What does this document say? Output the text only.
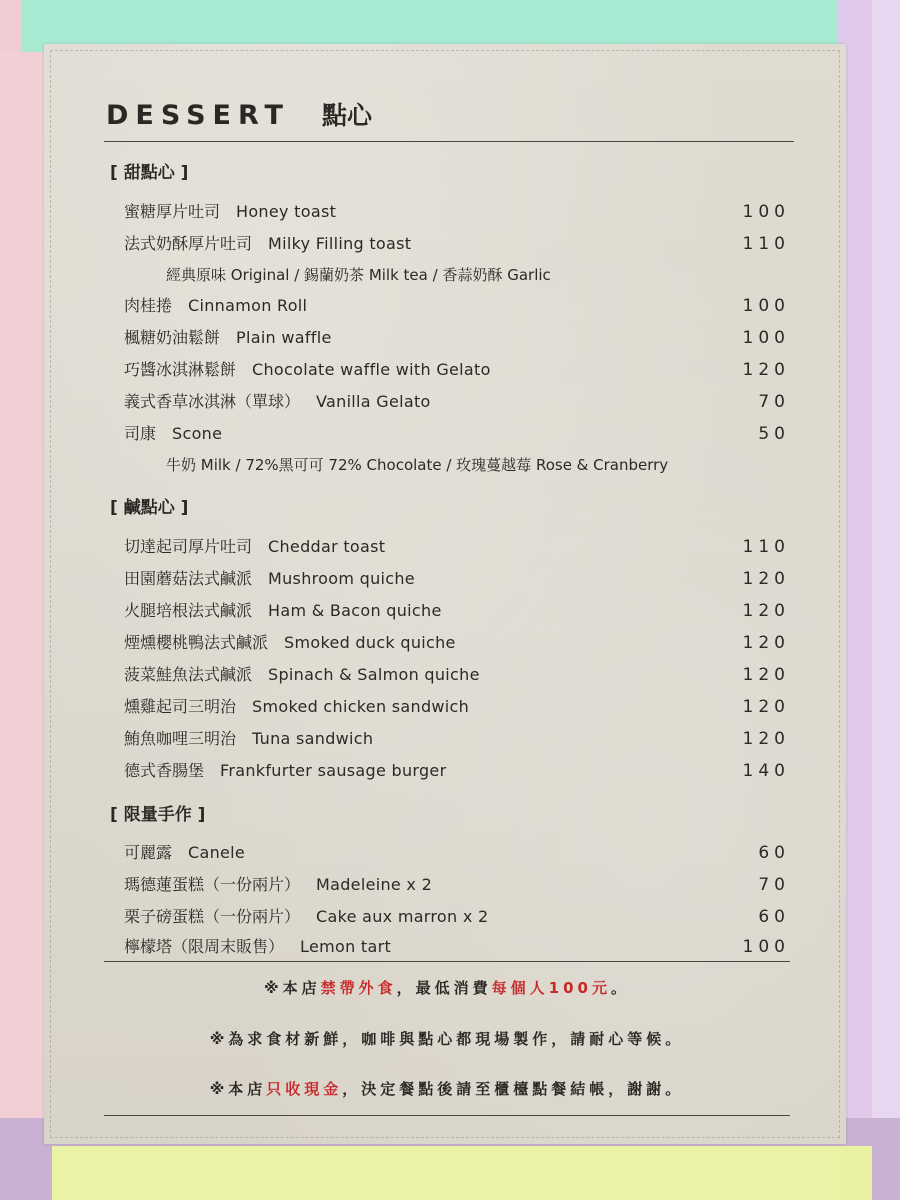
DESSERT 點心
[ 甜點心 ]
蜜糖厚片吐司 Honey toast	100
法式奶酥厚片吐司 Milky Filling toast	110
經典原味 Original / 錫蘭奶茶 Milk tea / 香蒜奶酥 Garlic
肉桂捲 Cinnamon Roll	100
楓糖奶油鬆餅 Plain waffle	100
巧醬冰淇淋鬆餅 Chocolate waffle with Gelato	120
義式香草冰淇淋（單球） Vanilla Gelato	70
司康 Scone	50
牛奶 Milk / 72%黑可可 72% Chocolate / 玫瑰蔓越莓 Rose & Cranberry
[ 鹹點心 ]
切達起司厚片吐司 Cheddar toast	110
田園蘑菇法式鹹派 Mushroom quiche	120
火腿培根法式鹹派 Ham & Bacon quiche	120
煙燻櫻桃鴨法式鹹派 Smoked duck quiche	120
菠菜鮭魚法式鹹派 Spinach & Salmon quiche	120
燻雞起司三明治 Smoked chicken sandwich	120
鮪魚咖哩三明治 Tuna sandwich	120
德式香腸堡 Frankfurter sausage burger	140
[ 限量手作 ]
可麗露 Canele	60
瑪德蓮蛋糕（一份兩片） Madeleine x 2	70
栗子磅蛋糕（一份兩片） Cake aux marron x 2	60
檸檬塔（限周末販售） Lemon tart	100
※本店禁帶外食，最低消費每個人100元。
※為求食材新鮮，咖啡與點心都現場製作，請耐心等候。
※本店只收現金，決定餐點後請至櫃檯點餐結帳，謝謝。
